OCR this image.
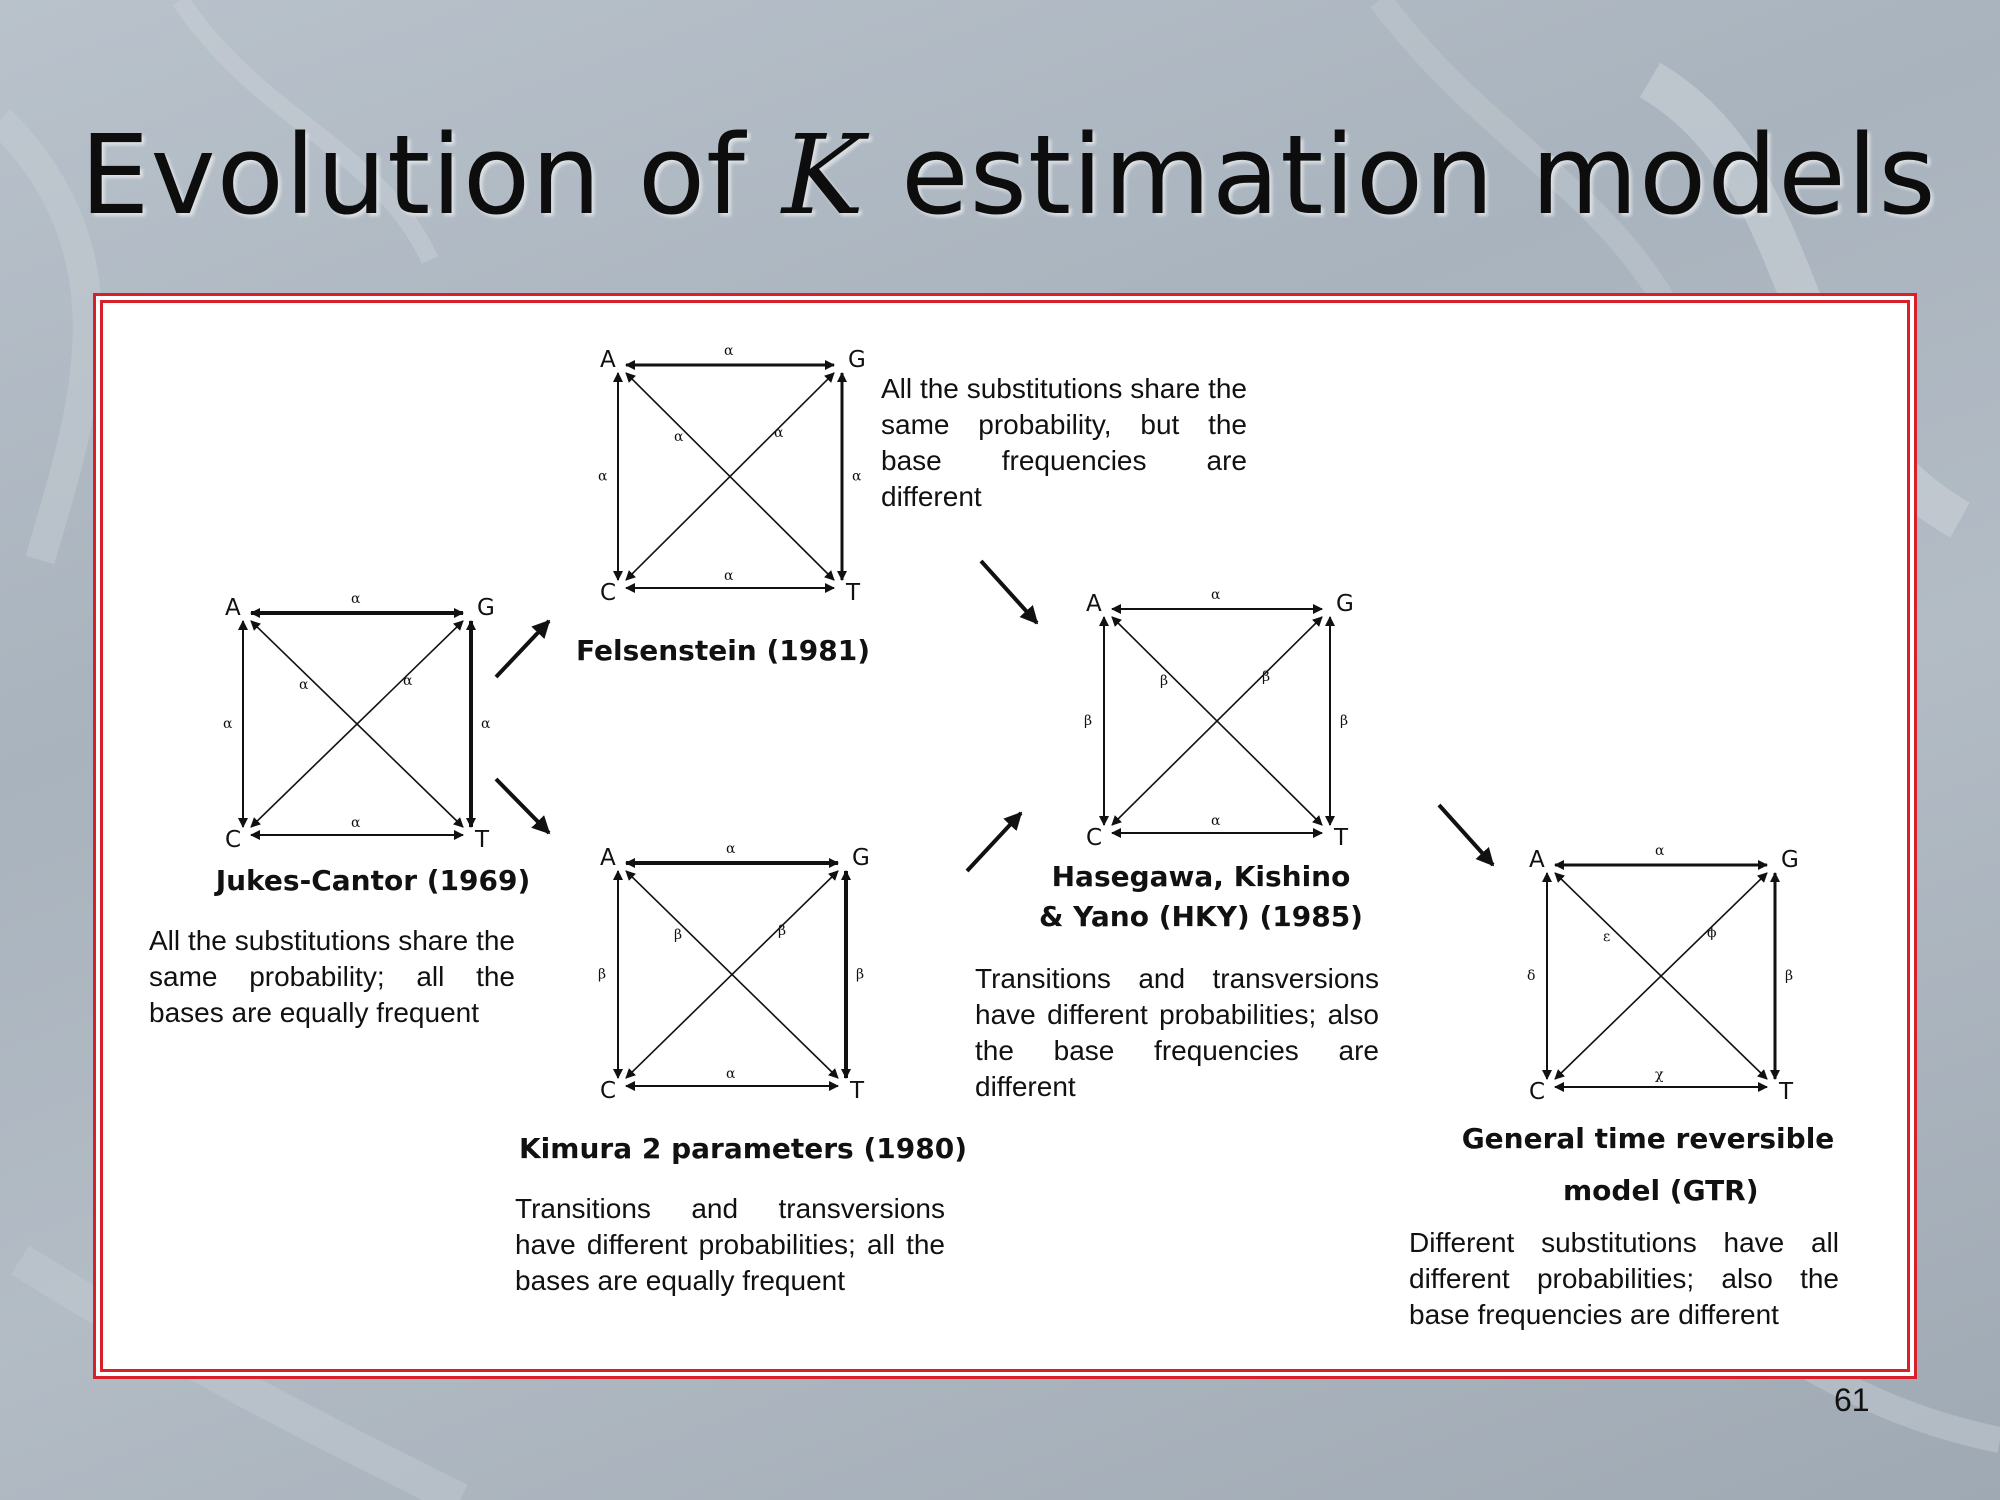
Evolution of K estimation models
A	G
C	T
α
α
α	α
α	α
A	G
C	T
α
α
α	α
α	α
A	G
C	T
α
α
β	β
β	β
A	G
C	T
α
α
β	β
β	β
A	G
C	T
α
χ
δ	β
ε	ϕ
Jukes-Cantor (1969)
Felsenstein (1981)
Kimura 2 parameters (1980)
Hasegawa, Kishino
& Yano (HKY) (1985)
General time reversible
model (GTR)

All the substitutions share the same probability; all the bases are equally frequent

All the substitutions share the same probability, but the base frequencies are different

Transitions and transversions have different probabilities; all the bases are equally frequent

Transitions and transversions have different probabilities; also the base frequencies are different

Different substitutions have all different probabilities; also the base frequencies are different

61
